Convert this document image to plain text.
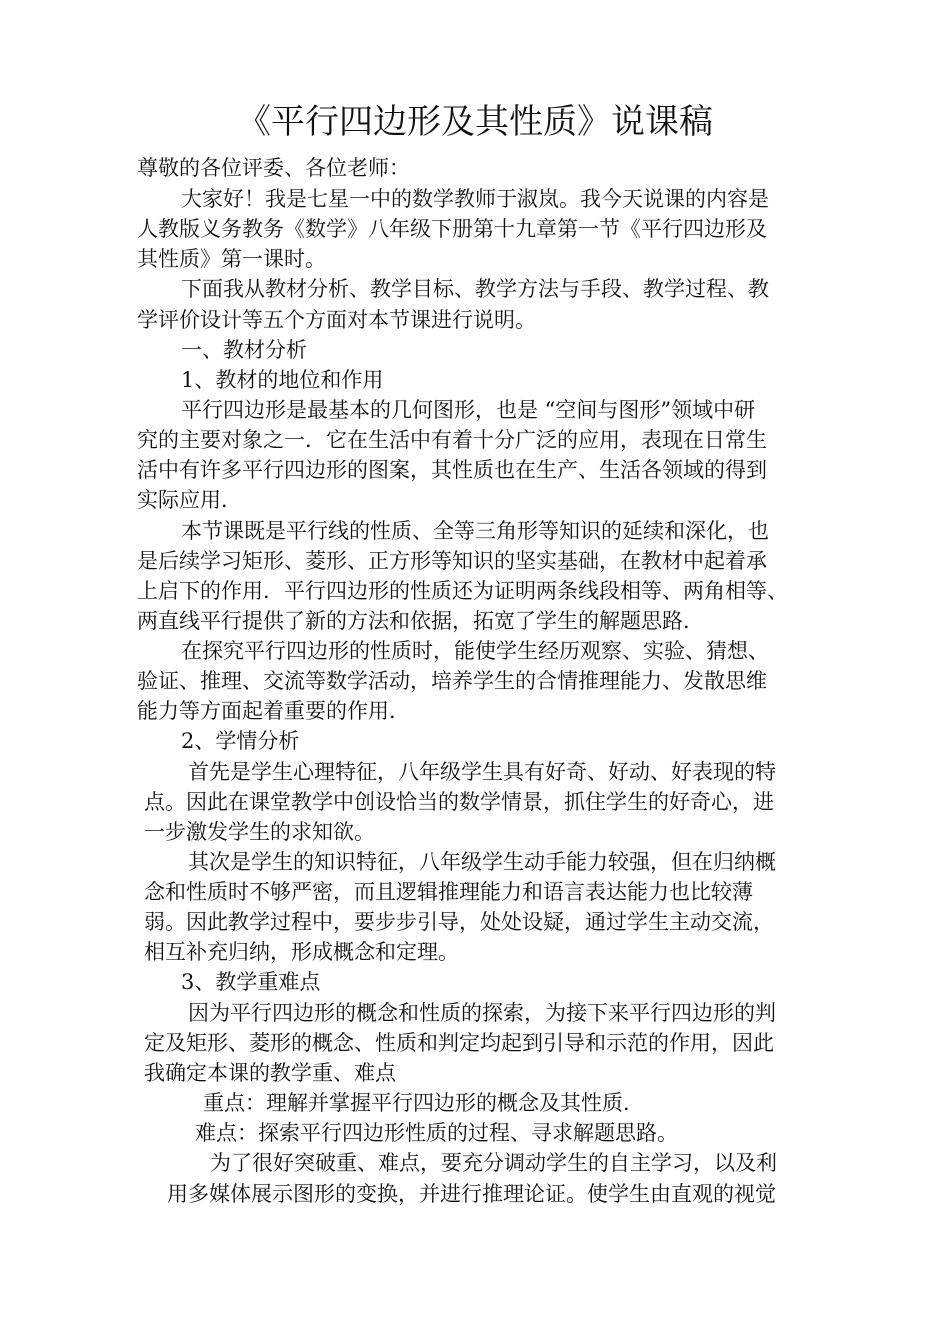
《平行四边形及其性质》说课稿
尊敬的各位评委、各位老师：
大家好！我是七星一中的数学教师于淑岚。我今天说课的内容是
人教版义务教务《数学》八年级下册第十九章第一节《平行四边形及
其性质》第一课时。
下面我从教材分析、教学目标、教学方法与手段、教学过程、教
学评价设计等五个方面对本节课进行说明。
一、教材分析
1、教材的地位和作用
平行四边形是最基本的几何图形，也是 “空间与图形”领域中研
究的主要对象之一．它在生活中有着十分广泛的应用，表现在日常生
活中有许多平行四边形的图案，其性质也在生产、生活各领域的得到
实际应用．
本节课既是平行线的性质、全等三角形等知识的延续和深化，也
是后续学习矩形、菱形、正方形等知识的坚实基础，在教材中起着承
上启下的作用．平行四边形的性质还为证明两条线段相等、两角相等、
两直线平行提供了新的方法和依据，拓宽了学生的解题思路．
在探究平行四边形的性质时，能使学生经历观察、实验、猜想、
验证、推理、交流等数学活动，培养学生的合情推理能力、发散思维
能力等方面起着重要的作用．
2、学情分析
首先是学生心理特征，八年级学生具有好奇、好动、好表现的特
点。因此在课堂教学中创设恰当的数学情景，抓住学生的好奇心，进
一步激发学生的求知欲。
其次是学生的知识特征，八年级学生动手能力较强，但在归纳概
念和性质时不够严密，而且逻辑推理能力和语言表达能力也比较薄
弱。因此教学过程中，要步步引导，处处设疑，通过学生主动交流，
相互补充归纳，形成概念和定理。
3、教学重难点
因为平行四边形的概念和性质的探索，为接下来平行四边形的判
定及矩形、菱形的概念、性质和判定均起到引导和示范的作用，因此
我确定本课的教学重、难点
重点：理解并掌握平行四边形的概念及其性质．
难点：探索平行四边形性质的过程、寻求解题思路。
为了很好突破重、难点，要充分调动学生的自主学习，以及利
用多媒体展示图形的变换，并进行推理论证。使学生由直观的视觉
